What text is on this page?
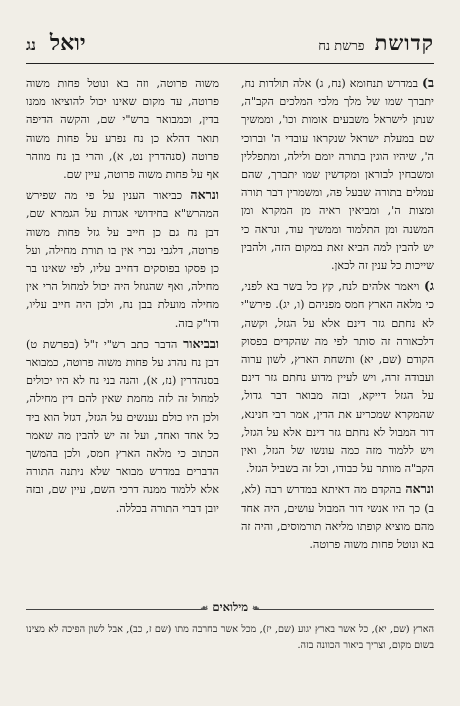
קדושת
פרשת נח
יואל
נג

ב) במדרש תנחומא (נח, ג) אלה תולדות נח, יתברך שמו של מלך מלכי המלכים הקב"ה, שנתן לישראל משבעים אומות וכו', וממשיך שם במעלת ישראל שנקראו עובדי ה' וברוכי ה', שיהיו הוגין בתורה יומם ולילה, ומתפללין ומשבחין לבוראן ומקדשין שמו יתברך, שהם עמלים בתורה שבעל פה, ומשמרין דבר תורה ומצות ה', ומביאין ראיה מן המקרא ומן המשנה ומן התלמוד וממשיך עוד, ונראה כי יש להבין למה הביא זאת במקום הזה, ולהבין שייכות כל ענין זה לכאן.

ג) ויאמר אלהים לנח, קץ כל בשר בא לפני, כי מלאה הארץ חמס מפניהם (ו, יג). פירש"י לא נחתם גזר דינם אלא על הגזל, וקשה, דלכאורה זה סותר לפי מה שהקדים בפסוק הקודם (שם, יא) ותשחת הארץ, לשון ערוה ועבודה זרה, ויש לעיין מדוע נחתם גזר דינם על הגזל דייקא, ובזה מבואר דבר גדול, שהמקרא שמכריע את הדין, אמר רבי חנינא, דור המבול לא נחתם גזר דינם אלא על הגזל, ויש ללמוד מזה כמה עונשו של הגזל, ואין הקב"ה מוותר על כבודו, וכל זה בשביל הגזל.

ונראה בהקדם מה דאיתא במדרש רבה (לא, ב) כך היו אנשי דור המבול עושים, היה אחד מהם מוציא קופתו מליאה תורמוסים, והיה זה בא ונוטל פחות משוה פרוטה.

משוה פרוטה, וזה בא ונוטל פחות משוה פרוטה, עד מקום שאינו יכול להוציאו ממנו בדין, וכמבואר ברש"י שם, והקשה הדיפה תואר דהלא כן נח נפרע על פחות משוה פרוטה (סנהדרין נט, א), והרי בן נח מוזהר אף על פחות משוה פרוטה, עיין שם.

ונראה כביאור הענין על פי מה שפירש המהרש"א בחידושי אגדות על הגמרא שם, דבן נח גם כן חייב על גזל פחות משוה פרוטה, דלגבי נכרי אין בו תורת מחילה, ועל כן פסקו בפוסקים דחייב עליו, לפי שאינו בר מחילה, ואף שהגוזל היה יכול למחול הרי אין מחילה מועלת בבן נח, ולכן היה חייב עליו, ודו"ק בזה.

ובביאור הדבר כתב רש"י ז"ל (בפרשת ט) דבן נח נהרג על פחות משוה פרוטה, כמבואר בסנהדרין (נז, א), והנה בני נח לא היו יכולים למחול זה לזה מחמת שאין להם דין מחילה, ולכן היו כולם נענשים על הגזל, דגזל הוא ביד כל אחד ואחד, ועל זה יש להבין מה שאמר הכתוב כי מלאה הארץ חמס, ולכן בהמשך הדברים במדרש מבואר שלא ניתנה התורה אלא ללמוד ממנה דרכי השם, עיין שם, ובזה יובן דברי התורה בכללה.

❧ מילואים ☙
הארץ (שם, יא), כל אשר בארץ יגוע (שם, יז), מכל אשר בחרבה מתו (שם ז, כב), אבל לשון הפיכה לא מצינו בשום מקום, וצריך ביאור הכוונה בזה.
